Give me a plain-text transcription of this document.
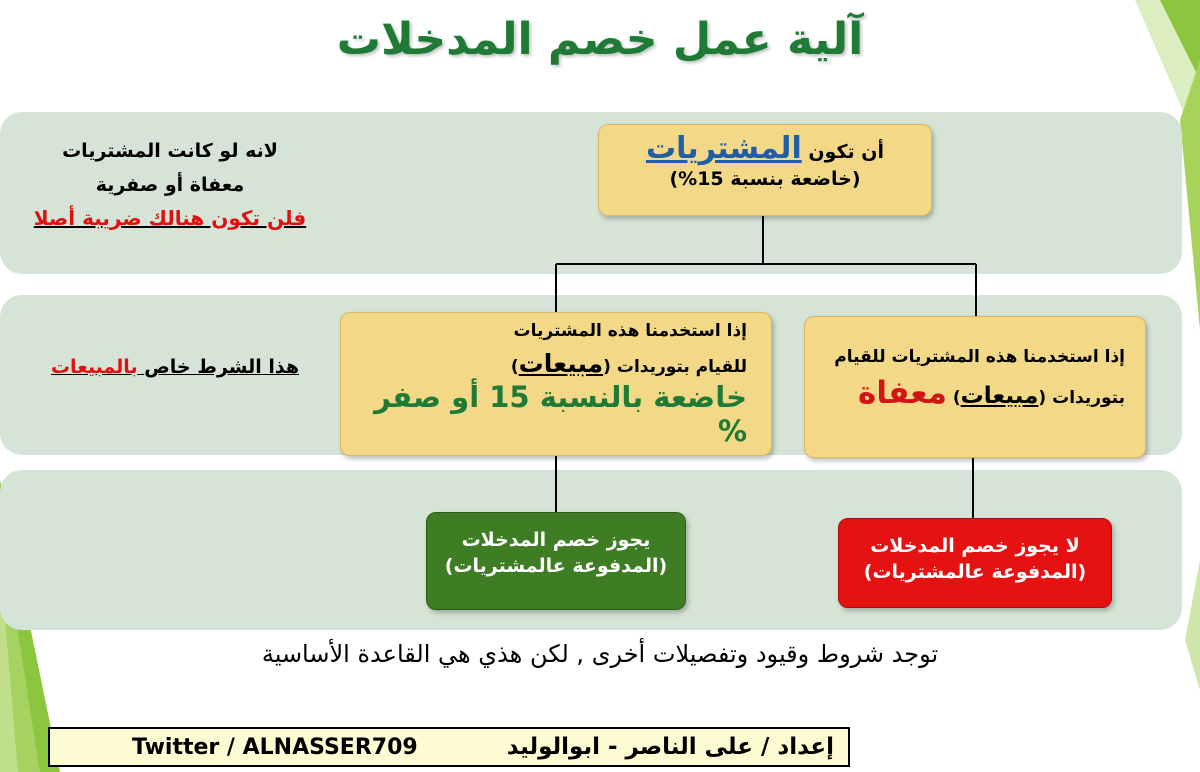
آلية عمل خصم المدخلات
أن تكون المشتريات
(خاضعة بنسبة 15%)
لانه لو كانت المشتريات
معفاة أو صفرية
فلن تكون هنالك ضريبة أصلا
إذا استخدمنا هذه المشتريات
للقيام بتوريدات (مبيعات)
خاضعة بالنسبة 15 أو صفر %
إذا استخدمنا هذه المشتريات للقيام
بتوريدات (مبيعات) معفاة
هذا الشرط خاص بالمبيعات
يجوز خصم المدخلات
(المدفوعة عالمشتريات)
لا يجوز خصم المدخلات
(المدفوعة عالمشتريات)
توجد شروط وقيود وتفصيلات أخرى , لكن هذي هي القاعدة الأساسية
إعداد / على الناصر - ابوالوليد
Twitter / ALNASSER709
